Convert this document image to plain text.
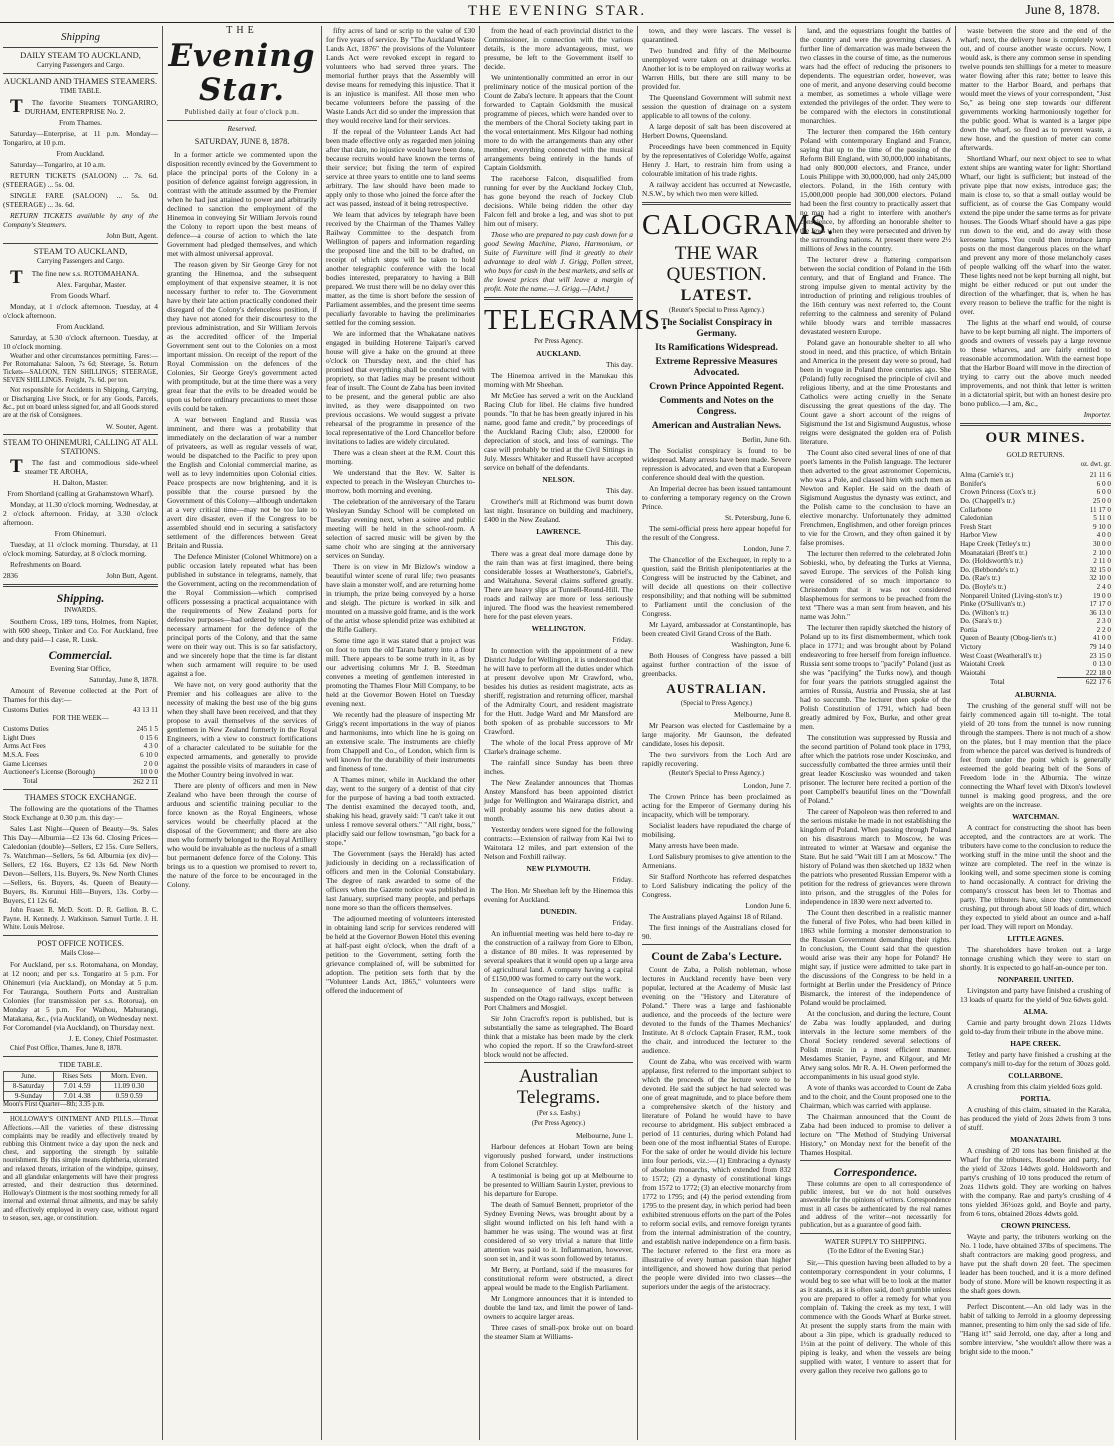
THE EVENING STAR.	June 8, 1878.
Shipping

DAILY STEAM TO AUCKLAND,

Carrying Passengers and Cargo.

AUCKLAND AND THAMES STEAMERS.

TIME TABLE.

T The favorite Steamers TONGARIRO, DURHAM, ENTERPRISE No. 2.

From Thames.

Saturday—Enterprise, at 11 p.m. Monday—Tongariro, at 10 p.m.

From Auckland.

Saturday—Tongariro, at 10 a.m.

RETURN TICKETS (SALOON) ... 7s. 6d. (STEERAGE) ... 5s. 0d.

SINGLE FARE (SALOON) ... 5s. 0d. (STEERAGE) ... 3s. 6d.

RETURN TICKETS available by any of the Company's Steamers.

John Butt, Agent.

STEAM TO AUCKLAND,

Carrying Passengers and Cargo.

T The fine new s.s. ROTOMAHANA.

Alex. Farquhar, Master.

From Goods Wharf.

Monday, at 1 o'clock afternoon. Tuesday, at 4 o'clock afternoon.

From Auckland.

Saturday, at 5.30 o'clock afternoon. Tuesday, at 10 o'clock morning.

Weather and other circumstances permitting. Fares:—Per Rotomahana: Saloon, 7s 6d; Steerage, 5s. Return Tickets—SALOON, TEN SHILLINGS; STEERAGE, SEVEN SHILLINGS. Freight, 7s. 6d. per ton.

Not responsible for Accidents in Shipping, Carrying, or Discharging Live Stock, or for any Goods, Parcels, &c., put on board unless signed for, and all Goods stored are at the risk of Consignees.

W. Souter, Agent.

STEAM TO OHINEMURI, CALLING AT ALL STATIONS.

T The fast and commodious side-wheel steamer TE AROHA,

H. Dalton, Master.

From Shortland (calling at Grahamstown Wharf).

Monday, at 11.30 o'clock morning. Wednesday, at 2 o'clock afternoon. Friday, at 3.30 o'clock afternoon.

From Ohinemuri.

Tuesday, at 11 o'clock morning. Thursday, at 11 o'clock morning. Saturday, at 8 o'clock morning.

Refreshments on Board.

2836	John Butt, Agent.

Shipping.

INWARDS.

Southern Cross, 189 tons, Holmes, from Napier, with 600 sheep, Tinker and Co. For Auckland, free and duty paid—1 case, R. Lusk.

Commercial.

Evening Star Office,

Saturday, June 8, 1878.

Amount of Revenue collected at the Port of Thames for this day:—

Customs Duties	43 13 11

FOR THE WEEK—

Customs Duties	245 1 5
Light Dues	0 15 6
Arms Act Fees	4 3 0
M.S.A. Fees	6 10 0
Game Licenses	2 0 0
Auctioneer's License (Borough)	10 0 0
Total	262 2 11

THAMES STOCK EXCHANGE.

The following are the quotations of the Thames Stock Exchange at 0.30 p.m. this day:—

Sales Last Night—Queen of Beauty—9s. Sales This Day—Alburnia—£2 13s 6d. Closing Prices—Caledonian (double)—Sellers, £2 15s. Cure Sellers, 7s. Watchman—Sellers, 5s 6d. Alburnia (ex div)—Sellers, £2 16s. Buyers, £2 13s 6d. New North Devon—Sellers, 11s. Buyers, 9s. New North Clunes—Sellers, 6s. Buyers, 4s. Queen of Beauty—Buyers, 8s. Kurunui Hill—Buyers, 13s. Corby—Buyers, £1 12s 6d.

John Fraser. R. McD. Scott. D. R. Gellion. B. C. Payne. H. Kennedy. J. Watkinson. Samuel Turtle. J. H. White. Louis Melrose.

POST OFFICE NOTICES.

Mails Close—

For Auckland, per s.s. Rotomahana, on Monday, at 12 noon; and per s.s. Tongariro at 5 p.m. For Ohinemuri (via Auckland), on Monday at 5 p.m. For Tauranga, Southern Ports and Australian Colonies (for transmission per s.s. Rotorua), on Monday at 5 p.m. For Waihou, Mahurangi, Matakana, &c., (via Auckland), on Wednesday next. For Coromandel (via Auckland), on Thursday next.

J. E. Coney, Chief Postmaster.

Chief Post Office, Thames, June 8, 1878.

TIDE TABLE.

June.	Rises Sets	Morn. Even.
8-Saturday	7.01 4.59	11.09 0.30
9-Sunday	7.01 4.38	0.59 0.59

Moon's First Quarter—8th; 3.35 p.m.

HOLLOWAY'S OINTMENT AND PILLS.—Throat Affections.—All the varieties of these distressing complaints may be readily and effectively treated by rubbing this Ointment twice a day upon the neck and chest, and supporting the strength by suitable nourishment. By this simple means diphtheria, ulcerated and relaxed throats, irritation of the windpipe, quinsey, and all glandular enlargements will have their progress arrested, and their destruction thus determined. Holloway's Ointment is the most soothing remedy for all internal and external throat ailments, and may be safely and effectively employed in every case, without regard to season, sex, age, or constitution.

THE
Evening Star.

Published daily at four o'clock p.m.

Reserved.

SATURDAY, JUNE 8, 1878.

In a former article we commented upon the disposition recently evinced by the Government to place the principal ports of the Colony in a position of defence against foreign aggression, in contrast with the attitude assumed by the Premier when he had just attained to power and arbitrarily declined to sanction the employment of the Hinemoa in conveying Sir William Jervois round the Colony to report upon the best means of defence—a course of action to which the late Government had pledged themselves, and which met with almost universal approval.

The reason given by Sir George Grey for not granting the Hinemoa, and the subsequent employment of that expensive steamer, it is not necessary further to refer to. The Government have by their late action practically condoned their disregard of the Colony's defenceless position, if they have not atoned for their discourtesy to the previous administration, and Sir William Jervois as the accredited officer of the Imperial Government sent out to the Colonies on a most important mission. On receipt of the report of the Royal Commission on the defences of the Colonies, Sir George Grey's government acted with promptitude, but at the time there was a very great fear that the evils to be dreaded would be upon us before ordinary precautions to meet those evils could be taken.

A war between England and Russia was imminent, and there was a probability that immediately on the declaration of war a number of privateers, as well as regular vessels of war, would be dispatched to the Pacific to prey upon the English and Colonial commercial marine, as well as to levy indemnities upon Colonial cities. Peace prospects are now brightening, and it is possible that the course pursued by the Government of this Colony—although undertaken at a very critical time—may not be too late to avert dire disaster, even if the Congress to be assembled should end in securing a satisfactory settlement of the differences between Great Britain and Russia.

The Defence Minister (Colonel Whitmore) on a public occasion lately repeated what has been published in substance in telegrams, namely, that the Government, acting on the recommendation of the Royal Commission—which comprised officers possessing a practical acquaintance with the requirements of New Zealand ports for defensive purposes—had ordered by telegraph the necessary armament for the defence of the principal ports of the Colony, and that the same were on their way out. This is so far satisfactory, and we sincerely hope that the time is far distant when such armament will require to be used against a foe.

We have not, on very good authority that the Premier and his colleagues are alive to the necessity of making the best use of the big guns when they shall have been received, and that they propose to avail themselves of the services of gentlemen in New Zealand formerly in the Royal Engineers, with a view to construct fortifications of a character calculated to be suitable for the expected armaments, and generally to provide against the possible visits of marauders in case of the Mother Country being involved in war.

There are plenty of officers and men in New Zealand who have been through the course of arduous and scientific training peculiar to the force known as the Royal Engineers, whose services would be cheerfully placed at the disposal of the Government; and there are also men who formerly belonged to the Royal Artillery who would be invaluable as the nucleus of a small but permanent defence force of the Colony. This brings us to a question we promised to revert to, the nature of the force to be encouraged in the Colony.

fifty acres of land or scrip to the value of £30 for five years of service. By "The Auckland Waste Lands Act, 1876" the provisions of the Volunteer Lands Act were revoked except in regard to volunteers who had served three years. The memorial further prays that the Assembly will devise means for remedying this injustice. That it is an injustice is manifest. All those men who became volunteers before the passing of the Waste Lands Act did so under the impression that they would receive land for their services.

If the repeal of the Volunteer Lands Act had been made effective only as regarded men joining after that date, no injustice would have been done, because recruits would have known the terms of their service; but fixing the term of expired service at three years to entitle one to land seems arbitrary. The law should have been made to apply only to those who joined the force after the act was passed, instead of it being retrospective.

We learn that advices by telegraph have been received by the Chairman of the Thames Valley Railway Committee to the despatch from Wellington of papers and information regarding the proposed line and the bill to be drafted, on receipt of which steps will be taken to hold another telegraphic conference with the local bodies interested, preparatory to having a Bill prepared. We trust there will be no delay over this matter, as the time is short before the session of Parliament assembles, and the present time seems peculiarly favorable to having the preliminaries settled for the coming session.

We are informed that the Whakatane natives engaged in building Hoterene Taipari's carved house will give a hake on the ground at three o'clock on Thursday next, and the chief has promised that everything shall be conducted with propriety, so that ladies may be present without fear of insult. The Count de Zaba has been invited to be present, and the general public are also invited, as they were disappointed on two previous occasions. We would suggest a private rehearsal of the programme in presence of the local representative of the Lord Chancellor before invitations to ladies are widely circulated.

There was a clean sheet at the R.M. Court this morning.

We understand that the Rev. W. Salter is expected to preach in the Wesleyan Churches to-morrow, both morning and evening.

The celebration of the anniversary of the Tararu Wesleyan Sunday School will be completed on Tuesday evening next, when a soiree and public meeting will be held in the school-room. A selection of sacred music will be given by the same choir who are singing at the anniversary services on Sunday.

There is on view in Mr Bizlow's window a beautiful winter scene of rural life; two peasants have slain a monster wolf, and are returning home in triumph, the prize being conveyed by a horse and sleigh. The picture is worked in silk and mounted on a massive gold frame, and is the work of the artist whose splendid prize was exhibited at the Rifle Gallery.

Some time ago it was stated that a project was on foot to turn the old Tararu battery into a flour mill. There appears to be some truth in it, as by our advertising columns Mr J. B. Steedman convenes a meeting of gentlemen interested in promoting the Thames Flour Mill Company, to be held at the Governor Bowen Hotel on Tuesday evening next.

We recently had the pleasure of inspecting Mr Grigg's recent importations in the way of pianos and harmoniums, into which line he is going on an extensive scale. The instruments are chiefly from Chappell and Co., of London, which firm is well known for the durability of their instruments and fineness of tone.

A Thames miner, while in Auckland the other day, went to the surgery of a dentist of that city for the purpose of having a bad tooth extracted. The dentist examined the decayed tooth, and, shaking his head, gravely said: "I can't take it out unless I remove several others." "All right, boss," placidly said our fellow townsman, "go back for a stope."

The Government (says the Herald) has acted judiciously in deciding on a reclassification of officers and men in the Colonial Constabulary. The degree of rank awarded to some of the officers when the Gazette notice was published in last January, surprised many people, and perhaps none more so than the officers themselves.

The adjourned meeting of volunteers interested in obtaining land scrip for services rendered will be held at the Governor Bowen Hotel this evening at half-past eight o'clock, when the draft of a petition to the Government, setting forth the grievance complained of, will be submitted for adoption. The petition sets forth that by the "Volunteer Lands Act, 1865," volunteers were offered the inducement of

from the head of each provincial district to the Commissioner, in connection with the various details, is the more advantageous, must, we presume, be left to the Government itself to decide.

We unintentionally committed an error in our preliminary notice of the musical portion of the Count de Zaba's lecture. It appears that the Count forwarded to Captain Goldsmith the musical programme of pieces, which were handed over to the members of the Choral Society taking part in the vocal entertainment. Mrs Kilgour had nothing more to do with the arrangements than any other member, everything connected with the musical arrangements being entirely in the hands of Captain Goldsmith.

The racehorse Falcon, disqualified from running for ever by the Auckland Jockey Club, has gone beyond the reach of Jockey Club decisions. While being ridden the other day Falcon fell and broke a leg, and was shot to put him out of misery.

Those who are prepared to pay cash down for a good Sewing Machine, Piano, Harmonium, or Suite of Furniture will find it greatly to their advantage to deal with J. Grigg, Pollen street, who buys for cash in the best markets, and sells at the lowest prices that will leave a margin of profit. Note the name.—J. Grigg.—[Advt.]

TELEGRAMS.

Per Press Agency.

AUCKLAND.

This day.

The Hinemoa arrived in the Manukau this morning with Mr Sheehan.

Mr McGee has served a writ on the Auckland Racing Club for libel. He claims five hundred pounds. "In that he has been greatly injured in his name, good fame and credit," by proceedings of the Auckland Racing Club; also, £20000 for depreciation of stock, and loss of earnings. The case will probably be tried at the Civil Sittings in July. Messrs Whitaker and Russell have accepted service on behalf of the defendants.

NELSON.

This day.

Crowther's mill at Richmond was burnt down last night. Insurance on building and machinery, £400 in the New Zealand.

LAWRENCE.

This day.

There was a great deal more damage done by the rain than was at first imagined, there being considerable losses at Weatherstone's, Gabriel's, and Waitahuna. Several claims suffered greatly. There are heavy slips at Tunnell-Round-Hill. The roads and railway are more or less seriously injured. The flood was the heaviest remembered here for the past eleven years.

WELLINGTON.

Friday.

In connection with the appointment of a new District Judge for Wellington, it is understood that he will have to perform all the duties under which at present devolve upon Mr Crawford, who, besides his duties as resident magistrate, acts as sheriff, registration and returning officer, marshal of the Admiralty Court, and resident magistrate for the Hutt. Judge Ward and Mr Mansford are both spoken of as probable successors to Mr Crawford.

The whole of the local Press approve of Mr Clarke's drainage scheme.

The rainfall since Sunday has been three inches.

The New Zealander announces that Thomas Anstey Mansford has been appointed district judge for Wellington and Wairarapa district, and will probably assume his new duties about a month.

Yesterday tenders were signed for the following contracts:—Extension of railway from Kai Iwi to Waitotara 12 miles, and part extension of the Nelson and Foxhill railway.

NEW PLYMOUTH.

Friday.

The Hon. Mr Sheehan left by the Hinemoa this evening for Auckland.

DUNEDIN.

Friday.

An influential meeting was held here to-day re the construction of a railway from Gore to Elbon, a distance of 80 miles. It was represented by several speakers that it would open up a large area of agricultural land. A company having a capital of £150,000 was formed to carry out the work.

In consequence of land slips traffic is suspended on the Otago railways, except between Port Chalmers and Mosgiel.

Sir John Cracroft's report is published, but is substantially the same as telegraphed. The Board think that a mistake has been made by the clerk who copied the report. If so the Crawford-street block would not be affected.

Australian Telegrams.

(Per s.s. Easby.)

(Per Press Agency.)

Melbourne, June 1.

Harbour defences at Hobart Town are being vigorously pushed forward, under instructions from Colonel Scratchley.

A testimonial is being got up at Melbourne to be presented to William Saurin Lyster, previous to his departure for Europe.

The death of Samuel Bennett, proprietor of the Sydney Evening News, was brought about by a slight wound inflicted on his left hand with a hammer he was using. The wound was at first considered of so very trivial a nature that little attention was paid to it. Inflammation, however, soon set in, and it was soon followed by tetanus.

Mr Berry, at Portland, said if the measures for constitutional reform were obstructed, a direct appeal would be made to the English Parliament.

Mr Longmore announces that it is intended to double the land tax, and limit the power of land-owners to acquire larger areas.

Three cases of small-pox broke out on board the steamer Siam at Williams-

town, and they were lascars. The vessel is quarantined.

Two hundred and fifty of the Melbourne unemployed were taken on at drainage works. Another lot is to be employed on railway works at Warren Hills, but there are still many to be provided for.

The Queensland Government will submit next session the question of drainage on a system applicable to all towns of the colony.

A large deposit of salt has been discovered at Herbert Downs, Queensland.

Proceedings have been commenced in Equity by the representatives of Coleridge Wolfe, against Henry J. Hart, to restrain him from using a colourable imitation of his trade rights.

A railway accident has occurred at Newcastle, N.S.W., by which two men were killed.

CALOGRAMS.
THE WAR QUESTION.
LATEST.

(Reuter's Special to Press Agency.)

The Socialist Conspiracy in Germany.

Its Ramifications Widespread.

Extreme Repressive Measures Advocated.

Crown Prince Appointed Regent.

Comments and Notes on the Congress.

American and Australian News.

Berlin, June 6th.

The Socialist conspiracy is found to be widespread. Many arrests have been made. Severe repression is advocated, and even that a European conference should deal with the question.

An Imperial decree has been issued tantamount to conferring a temporary regency on the Crown Prince.

St. Petersburg, June 6.

The semi-official press here appear hopeful for the result of the Congress.

London, June 7.

The Chancellor of the Exchequer, in reply to a question, said the British plenipotentiaries at the Congress will be instructed by the Cabinet, and will decide all questions on their collective responsibility; and that nothing will be submitted to Parliament until the conclusion of the Congress.

Mr Layard, ambassador at Constantinople, has been created Civil Grand Cross of the Bath.

Washington, June 6.

Both Houses of Congress have passed a bill against further contraction of the issue of greenbacks.

AUSTRALIAN.

(Special to Press Agency.)

Melbourne, June 8.

Mr Pearson was elected for Castlemaine by a large majority. Mr Gaunson, the defeated candidate, loses his deposit.

The two survivors from the Loch Ard are rapidly recovering.

(Reuter's Special to Press Agency.)

London, June 7.

The Crown Prince has been proclaimed as acting for the Emperor of Germany during his incapacity, which will be temporary.

Socialist leaders have repudiated the charge of mobilising.

Many arrests have been made.

Lord Salisbury promises to give attention to the Armenians.

Sir Stafford Northcote has referred despatches to Lord Salisbury indicating the policy of the Congress.

London June 6.

The Australians played Against 18 of Riland.

The first innings of the Australians closed for 90.

Count de Zaba's Lecture.

Count de Zaba, a Polish nobleman, whose lectures in Auckland recently have been very popular, lectured at the Academy of Music last evening on the "History and Literature of Poland." There was a large and fashionable audience, and the proceeds of the lecture were devoted to the funds of the Thames Mechanics' Institute. At 8 o'clock Captain Fraser, R.M., took the chair, and introduced the lecturer to the audience.

Count de Zaba, who was received with warm applause, first referred to the important subject to which the proceeds of the lecture were to be devoted. He said the subject he had selected was one of great magnitude, and to place before them a comprehensive sketch of the history and literature of Poland he would have to have recourse to abridgment. His subject embraced a period of 11 centuries, during which Poland had been one of the most influential States of Europe. For the sake of order he would divide his lecture into four periods, viz.:—(1) Embracing a dynasty of absolute monarchs, which extended from 832 to 1572; (2) a dynasty of constitutional kings from 1572 to 1772; (3) an elective monarchy from 1772 to 1795; and (4) the period extending from 1795 to the present day, in which period had been exhibited strenuous efforts on the part of the Poles to reform social evils, and remove foreign tyrants from the internal administration of the country, and establish native independence on a firm basis. The lecturer referred to the first era more as illustrative of every human passion than higher intelligence, and showed how during that period the people were divided into two classes—the superiors under the aegis of the aristocracy.

land, and the equestrians fought the battles of the country and were the governing classes. A further line of demarcation was made between the two classes in the course of time, as the numerous wars had the effect of reducing the prisoners to dependents. The equestrian order, however, was one of merit, and anyone deserving could become a member, as sometimes a whole village were extended the privileges of the order. They were to be compared with the electors in constitutional monarchies.

The lecturer then compared the 16th century Poland with contemporary England and France, saying that up to the time of the passing of the Reform Bill England, with 30,000,000 inhabitants, had only 800,000 electors, and France, under Louis Philippe with 30,000,000, had only 245,000 electors. Poland, in the 16th century with 15,000,000 people had 300,000 electors. Poland had been the first country to practically assert that no man had a right to interfere with another's conscience, by affording an honorable shelter to the Jews when they were persecuted and driven by the surrounding nations. At present there were 2½ millions of Jews in the country.

The lecturer drew a flattering comparison between the social condition of Poland in the 16th century, and that of England and France. The strong impulse given to mental activity by the introduction of printing and religious troubles of the 16th century was next referred to, the Count referring to the calmness and serenity of Poland while bloody wars and terrible massacres devastated western Europe.

Poland gave an honourable shelter to all who stood in need, and this practice, of which Britain and America in the present day were so proud, had been in vogue in Poland three centuries ago. She (Poland) fully recognised the principle of civil and religious liberty, and at the time Protestants and Catholics were acting cruelly in the Senate discussing the great questions of the day. The Count gave a short account of the reigns of Sigismund the 1st and Sigismund Augustus, whose reigns were designated the golden era of Polish literature.

The Count also cited several lines of one of that poet's laments in the Polish language. The lecturer then adverted to the great astronomer Copernicus, who was a Pole, and classed him with such men as Newton and Kepler. He said on the death of Sigismund Augustus the dynasty was extinct, and the Polish came to the conclusion to have an elective monarchy. Unfortunately they admitted Frenchmen, Englishmen, and other foreign princes to vie for the Crown, and they often gained it by false promises.

The lecturer then referred to the celebrated John Sobieski, who, by defeating the Turks at Vienna, saved Europe. The services of the Polish king were considered of so much importance to Christendom that it was not considered blasphemous for sermons to be preached from the text "There was a man sent from heaven, and his name was John."

The lecturer then rapidly sketched the history of Poland up to its first dismemberment, which took place in 1771; and was brought about by Poland endeavoring to free herself from foreign influence. Russia sent some troops to "pacify" Poland (just as she was "pacifying" the Turks now), and though for four years the patriots struggled against the armies of Russia, Austria and Prussia, she at last had to succumb. The lecturer then spoke of the Polish Constitution of 1791, which had been greatly admired by Fox, Burke, and other great men.

The constitution was suppressed by Russia and the second partition of Poland took place in 1793, after which the patriots rose under Kosciusko, and successfully combatted the three armies until their great leader Kosciusko was wounded and taken prisoner. The lecturer here recited a portion of the poet Campbell's beautiful lines on the "Downfall of Poland."

The career of Napoleon was then referred to and the serious mistake he made in not establishing the kingdom of Poland. When passing through Poland on his disastrous march to Moscow, he was intreated to winter at Warsaw and organise the State. But he said "Wait till I am at Moscow." The history of Poland was then sketched up 1832 when the patriots who presented Russian Emperor with a petition for the redress of grievances were thrown into prison, and the struggles of the Poles for independence in 1830 were next adverted to.

The Count then described in a realistic manner the funeral of five Poles, who had been killed in 1863 while forming a monster demonstration to the Russian Government demanding their rights. In conclusion, the Count said that the question would arise was their any hope for Poland? He might say, if justice were admitted to take part in the discussions of the Congress to be held in a fortnight at Berlin under the Presidency of Prince Bismarck, the interest of the independence of Poland would be proclaimed.

At the conclusion, and during the lecture, Count de Zaba was loudly applauded, and during intervals in the lecture some members of the Choral Society rendered several selections of Polish music in a most efficient manner. Mesdames Stanier, Payne, and Kilgour, and Mr Atwy sang solos. Mr R. A. H. Owen performed the accompaniments in his usual good style.

A vote of thanks was accorded to Count de Zaba and to the choir, and the Count proposed one to the Chairman, which was carried with applause.

The Chairman announced that the Count de Zaba had been induced to promise to deliver a lecture on "The Method of Studying Universal History," on Monday next for the benefit of the Thames Hospital.

Correspondence.

These columns are open to all correspondence of public interest, but we do not hold ourselves answerable for the opinions of writers. Correspondence must in all cases be authenticated by the real names and address of the writer—not necessarily for publication, but as a guarantee of good faith.

WATER SUPPLY TO SHIPPING.

(To the Editor of the Evening Star.)

Sir,—This question having been alluded to by a contemporary correspondent in your columns, I would beg to see what will be to look at the matter as it stands, as it is often said, don't grumble unless you are prepared to offer a remedy for what you complain of. Taking the creek as my text, I will commence with the Goods Wharf at Burke street. At present the supply starts from the main with about a 3in pipe, which is gradually reduced to 1½in at the point of delivery. The whole of this piping is leaky, and when the vessels are being supplied with water, I venture to assert that for every gallon they receive two gallons go to

waste between the store and the end of the wharf; next, the delivery hose is completely worn out, and of course another waste occurs. Now, I would ask, is there any common sense in spending twelve pounds ten shillings for a meter to measure water flowing after this rate; better to leave this matter to the Harbor Board, and perhaps that would meet the views of your correspondent, "Just So," as being one step towards our different governments working harmoniously together for the public good. What is wanted is a larger pipe down the wharf, so fixed as to prevent waste, a new hose, and the question of meter can come afterwards.

Shortland Wharf, our next object to see to what extent ships are wanting water for light: Shortland Wharf, our light is sufficient; but instead of the private pipe that now exists, introduce gas; the main is close to, so that a small outlay would be sufficient, as of course the Gas Company would extend the pipe under the same terms as for private houses. The Goods Wharf should have a gas pipe run down to the end, and do away with those kerosene lamps. You could then introduce lamp posts on the most dangerous places on the wharf and prevent any more of those melancholy cases of people walking off the wharf into the water. These lights need not be kept burning all night, but might be either reduced or put out under the direction of the wharfinger, that is, when he has every reason to believe the traffic for the night is over.

The lights at the wharf end would, of course have to be kept burning all night. The importers of goods and owners of vessels pay a large revenue to these wharves, and are fairly entitled to reasonable accommodation. With the earnest hope that the Harbor Board will move in the direction of trying to carry out the above much needed improvements, and not think that letter is written in a dictatorial spirit, but with an honest desire pro bono publico.—I am, &c.,

Importer.

OUR MINES.

GOLD RETURNS.

oz. dwt. gr.

Alma (Carnie's tr.)	21 11 6
Bonifer's	6 0 0
Crown Princess (Cox's tr.)	6 0 0
Do. (Chappell's tr.)	25 0 0
Collarbone	11 17 0
Caledonian	5 11 0
Fresh Start	9 10 0
Harbor View	4 0 0
Hape Creek (Tetley's tr.)	30 0 0
Moanataiari (Brett's tr.)	2 10 0
Do. (Holdsworth's tr.)	2 11 0
Do. (Bebbonde's tr.)	32 15 0
Do. (Rae's tr.)	32 10 0
Do. (Boyle's tr.)	2 4 0
Nonpareil United (Living-ston's tr.)	19 0 0
Pinke (O'Sullivan's tr.)	17 17 0
Do. (Wilton's tr.)	36 13 0
Do. (Sara's tr.)	2 3 0
Portia	2 2 0
Queen of Beauty (Obog-lien's tr.)	41 0 0
Victory	79 14 0
West Coast (Weatherall's tr.)	23 15 0
Waiotahi Creek	0 13 0
Waiotahi	222 18 0
Total	622 17 6

ALBURNIA.

The crushing of the general stuff will not be fairly commenced again till to-night. The total yield of 20 tons from the tunnel is now running through the stampers. There is not much of a show on the plates, but I may mention that the place from whence the parcel was derived is hundreds of feet from under the point which is generally esteemed the gold bearing belt of the Sons of Freedom lode in the Alburnia. The winze connecting the Wharf level with Dixon's lowlevel tunnel is making good progress, and the ore weights are on the increase.

WATCHMAN.

A contract for constructing the shoot has been accepted, and the contractors are at work. The tributers have come to the conclusion to reduce the working stuff in the mine until the shoot and the winze are completed. The reef in the winze is looking well, and some specimen stone is coming to hand occasionally. A contract for driving the company's crosscut has been let to Thomas and party. The tributers have, since they commenced crushing, put through about 50 loads of dirt, which they expected to yield about an ounce and a-half per load. They will report on Monday.

LITTLE AGNES.

The shareholders have broken out a large tonnage crushing which they were to start on shortly. It is expected to go half-an-ounce per ton.

NONPAREIL UNITED.

Livingston and party have finished a crushing of 13 loads of quartz for the yield of 9oz 6dwts gold.

ALMA.

Carnie and party brought down 21ozs 11dwts gold to-day from their tribute in the above mine.

HAPE CREEK.

Tetley and party have finished a crushing at the company's mill to-day for the return of 30ozs gold.

COLLARBONE.

A crushing from this claim yielded 6ozs gold.

PORTIA.

A crushing of this claim, situated in the Karaka, has produced the yield of 2ozs 2dwts from 3 tons of stuff.

MOANATAIRI.

A crushing of 20 tons has been finished at the Wharf for the tributers, Rosebone and party, for the yield of 32ozs 14dwts gold. Holdsworth and party's crushing of 10 tons produced the return of 2ozs 11dwts gold. They are working on halves with the company. Rae and party's crushing of 4 tons yielded 36½ozs gold, and Boyle and party, from 6 tons, obtained 20ozs 4dwts gold.

CROWN PRINCESS.

Wayte and party, the tributers working on the No. 1 lode, have obtained 37lbs of specimens. The shaft contractors are making good progress, and have put the shaft down 20 feet. The specimen leader has been touched, and it is a more defined body of stone. More will be known respecting it as the shaft goes down.

Perfect Discontent.—An old lady was in the habit of talking to Jerrold in a gloomy depressing manner, presenting to him only the sad side of life. "Hang it!" said Jerrold, one day, after a long and sombre interview, "she wouldn't allow there was a bright side to the moon."
